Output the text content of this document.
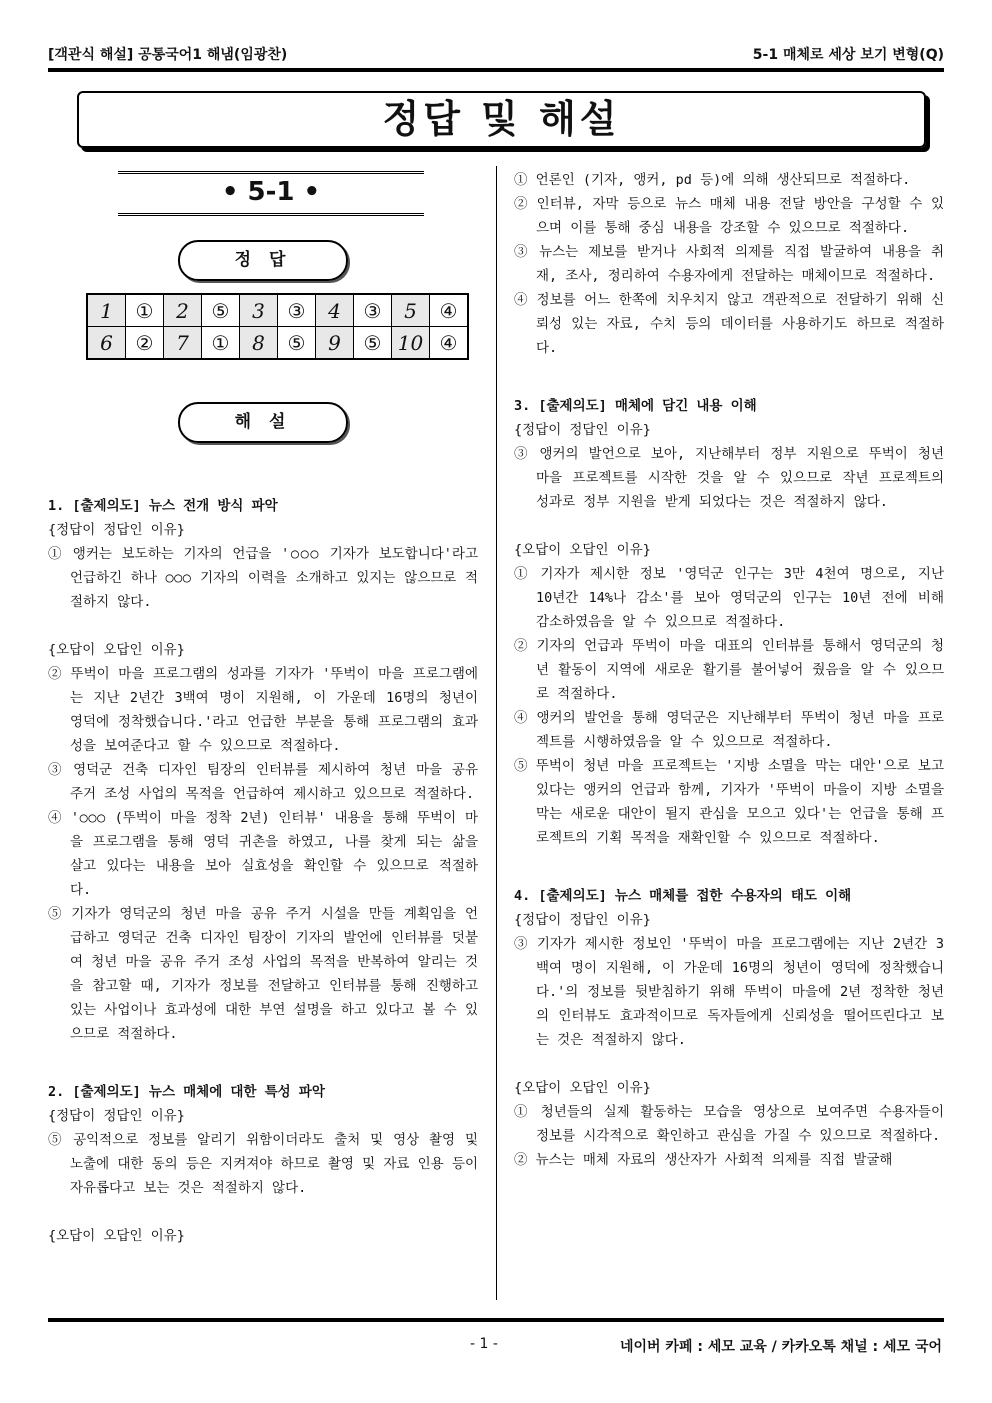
[객관식 해설] 공통국어1 해냄(임광찬)	5-1 매체로 세상 보기 변형(Q)
정답 및 해설
• 5-1 •
정 답
1	①	2	⑤	3	③	4	③	5	④
6	②	7	①	8	⑤	9	⑤	10	④
해 설

1. [출제의도] 뉴스 전개 방식 파악

{정답이 정답인 이유}

① 앵커는 보도하는 기자의 언급을 '○○○ 기자가 보도합니다'라고 언급하긴 하나 ○○○ 기자의 이력을 소개하고 있지는 않으므로 적절하지 않다.

{오답이 오답인 이유}

② 뚜벅이 마을 프로그램의 성과를 기자가 '뚜벅이 마을 프로그램에는 지난 2년간 3백여 명이 지원해, 이 가운데 16명의 청년이 영덕에 정착했습니다.'라고 언급한 부분을 통해 프로그램의 효과성을 보여준다고 할 수 있으므로 적절하다.

③ 영덕군 건축 디자인 팀장의 인터뷰를 제시하여 청년 마을 공유 주거 조성 사업의 목적을 언급하여 제시하고 있으므로 적절하다.

④ '○○○ (뚜벅이 마을 정착 2년) 인터뷰' 내용을 통해 뚜벅이 마을 프로그램을 통해 영덕 귀촌을 하였고, 나를 찾게 되는 삶을 살고 있다는 내용을 보아 실효성을 확인할 수 있으므로 적절하다.

⑤ 기자가 영덕군의 청년 마을 공유 주거 시설을 만들 계획임을 언급하고 영덕군 건축 디자인 팀장이 기자의 발언에 인터뷰를 덧붙여 청년 마을 공유 주거 조성 사업의 목적을 반복하여 알리는 것을 참고할 때, 기자가 정보를 전달하고 인터뷰를 통해 진행하고 있는 사업이나 효과성에 대한 부연 설명을 하고 있다고 볼 수 있으므로 적절하다.

2. [출제의도] 뉴스 매체에 대한 특성 파악

{정답이 정답인 이유}

⑤ 공익적으로 정보를 알리기 위함이더라도 출처 및 영상 촬영 및 노출에 대한 동의 등은 지켜져야 하므로 촬영 및 자료 인용 등이 자유롭다고 보는 것은 적절하지 않다.

{오답이 오답인 이유}

① 언론인 (기자, 앵커, pd 등)에 의해 생산되므로 적절하다.

② 인터뷰, 자막 등으로 뉴스 매체 내용 전달 방안을 구성할 수 있으며 이를 통해 중심 내용을 강조할 수 있으므로 적절하다.

③ 뉴스는 제보를 받거나 사회적 의제를 직접 발굴하여 내용을 취재, 조사, 정리하여 수용자에게 전달하는 매체이므로 적절하다.

④ 정보를 어느 한쪽에 치우치지 않고 객관적으로 전달하기 위해 신뢰성 있는 자료, 수치 등의 데이터를 사용하기도 하므로 적절하다.

3. [출제의도] 매체에 담긴 내용 이해

{정답이 정답인 이유}

③ 앵커의 발언으로 보아, 지난해부터 정부 지원으로 뚜벅이 청년 마을 프로젝트를 시작한 것을 알 수 있으므로 작년 프로젝트의 성과로 정부 지원을 받게 되었다는 것은 적절하지 않다.

{오답이 오답인 이유}

① 기자가 제시한 정보 '영덕군 인구는 3만 4천여 명으로, 지난 10년간 14%나 감소'를 보아 영덕군의 인구는 10년 전에 비해 감소하였음을 알 수 있으므로 적절하다.

② 기자의 언급과 뚜벅이 마을 대표의 인터뷰를 통해서 영덕군의 청년 활동이 지역에 새로운 활기를 불어넣어 줬음을 알 수 있으므로 적절하다.

④ 앵커의 발언을 통해 영덕군은 지난해부터 뚜벅이 청년 마을 프로젝트를 시행하였음을 알 수 있으므로 적절하다.

⑤ 뚜벅이 청년 마을 프로젝트는 '지방 소멸을 막는 대안'으로 보고 있다는 앵커의 언급과 함께, 기자가 '뚜벅이 마을이 지방 소멸을 막는 새로운 대안이 될지 관심을 모으고 있다'는 언급을 통해 프로젝트의 기획 목적을 재확인할 수 있으므로 적절하다.

4. [출제의도] 뉴스 매체를 접한 수용자의 태도 이해

{정답이 정답인 이유}

③ 기자가 제시한 정보인 '뚜벅이 마을 프로그램에는 지난 2년간 3백여 명이 지원해, 이 가운데 16명의 청년이 영덕에 정착했습니다.'의 정보를 뒷받침하기 위해 뚜벅이 마을에 2년 정착한 청년의 인터뷰도 효과적이므로 독자들에게 신뢰성을 떨어뜨린다고 보는 것은 적절하지 않다.

{오답이 오답인 이유}

① 청년들의 실제 활동하는 모습을 영상으로 보여주면 수용자들이 정보를 시각적으로 확인하고 관심을 가질 수 있으므로 적절하다.

② 뉴스는 매체 자료의 생산자가 사회적 의제를 직접 발굴해

- 1 -	네이버 카페 : 세모 교육 / 카카오톡 채널 : 세모 국어
